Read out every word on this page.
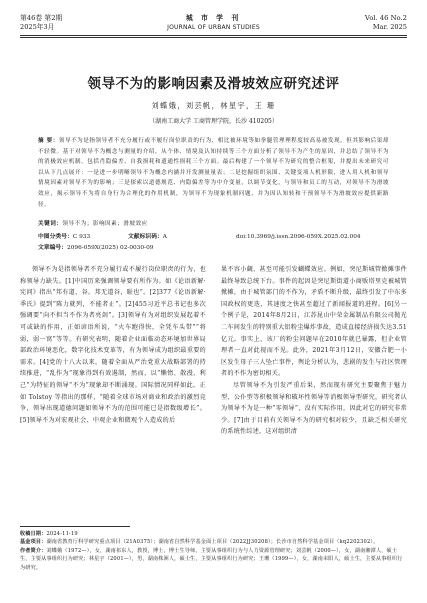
第46卷 第2期
2025年3月
城 市 学 刊
JOURNAL OF URBAN STUDIES
Vol. 46 No.2
Mar. 2025
领导不为的影响因素及滑坡效应研究述评
刘蝶娥，刘芸帆，林星宇，王 珊
（湖南工商大学 工商管理学院，长沙 410205）
摘 要：领导不为是指领导者不充分履行或不履行岗位职责的行为，相比被环境等如拳腿管理理程度较高易被发现，但其影响后果却不轻微。基于对领导不为概念与测量的介绍，从个体、情境及认知持续等三个方面分析了领导不为产生的原因，并总结了领导不为的消极效应机制，包括肖隐偏差、自我损耗和遗通性损耗三个方面。最后构建了一个领导不为研究的整合框架，并提出未来研究可以从下几点展开：一是进一步明晰领导不为概念内涵并开发测量量表；二是挖掘组织氛围、关键变项人机形限，进人用人机和领导情境因素对领导不为的影响；三是探索以道德规范、内隐偏差等为中介变量，以调节变化，与领导和员工的互动，对领导不为滑坡效应，揭示领导不为将自身行为合理化的作用机制，为领导不为现象机制问题，并为因认知转和干预领导不为滑坡效应提供新路径。
关键词：领导不为；影响因素；滑坡效应
中图分类号：C 933	文献标识码：A	doi:10.3969/j.issn.2096-059X.2025.02.004
文章编号：2096-059X(2025) 02-0030-09

领导不为是指领导者不充分履行或不履行岗位职责的行为，也称领导力缺失。[1]中国历来强调领导要有所作为。如《论语新解·宪问》指出“邦有道，谷。邦无道谷，耻也”。[2]377《论语新解·季氏》提到“陈力就列，不能者止”。[2]455习近平总书记也多次强调要“向不担当不作为者亮剑”。[3]领导有为对组织发展起着不可或缺的作用，正如谚语所说，“火车跑得快，全凭车头带”“将弱，弱一窝”等等。有研究表明，随着企业面临动态环境加世界局部政治环境恶化，数字化技术变革等，有为领导成为组织最重要的需求。[4]党的十八大以来，随着全面从严治党重大战略部署的持续推进，“乱作为”现象得到有效遏制，然而，以“懒惰、散漫、利己”为特征的领导“不为”现象却不断涌现。国际情况同样如此。正如 Tolstoy 等指出的那样，“随着全球市场对商业和政治的激烈竞争，领导出现道德问题如领导不为的范围可能已是指数级增长”。[5]领导不为对宏观社会、中观企业和微观个人造成的后

果不容小觑，甚至可能引发蝴蝶效应。例如，突尼斯城管掀摊事件最终导致总统下台。事件的起因是突尼斯街道小商贩塔里克被城管掀摊，由于城管部门的不作为，矛盾不断升级，最终引发了中东多国政权的更迭，其速度之快甚至超过了新闻报道的进程。[6]另一个例子是，2014年8月2日，江苏昆山中荣金属制品有限公司抛光二车间发生的特别重大铝粉尘爆炸事故，造成直接经济损失达3.51亿元。事实上，该厂的粉尘问题早在2010年就已暴露，但企业管理者一直对此视而不见。此外，2021年3月12日，安徽合肥一小区发生母子三人坠亡事件，舆论分析认为，悲剧的发生与社区管理者的不作为密切相关。

尽管领导不为引发严重后果，然而现有研究主要聚焦于魅力型、公仆型等积极领导和破坏性领导等消极领导型研究，研究者认为领导不为是一种“零领导”，没有实际作用，因此对它的研究非常少。[7]由于目前有关领导不为的研究相对较少，且缺乏相关研究的系统性综述，这对组织清

收稿日期：2024-11-19
基金项目：湖南省教育厅科学研究重点项目（21A0375）；湖南省自然科学基金面上项目（2022JJ30208）；长沙市自然科学基金项目（kq2202302）。
作者简介：刘蝶娥（1972—），女，湖南祁东人，教授，博士，博士生导师，主要从事组织行为与人力资源管理研究；刘芸帆（2000—），女，湖南湘潭人，硕士生，主要从事组织行为研究；林星宇（2001—），男，湖南株洲人，硕士生，主要从事组织行为研究；王珊（1999—），女，湖南耒阳人，硕士生，主要从事组织行为研究。
